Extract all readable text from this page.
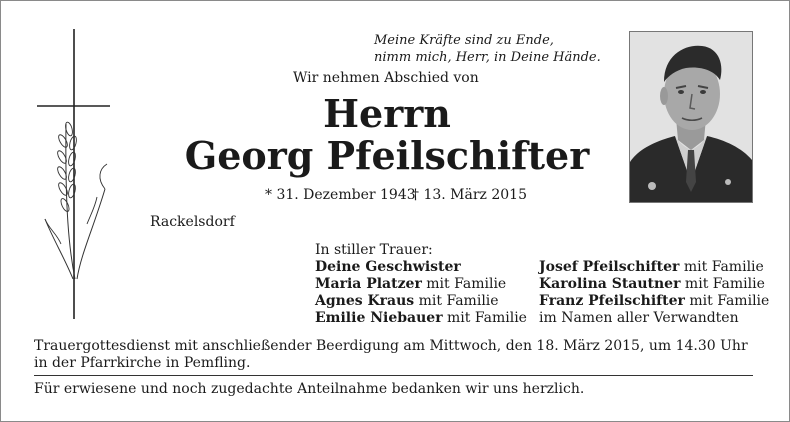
Meine Kräfte sind zu Ende,
nimm mich, Herr, in Deine Hände.
Wir nehmen Abschied von
Herrn
Georg Pfeilschifter
* 31. Dezember 1943
† 13. März 2015
Rackelsdorf
In stiller Trauer:
Deine Geschwister
Maria Platzer mit Familie
Agnes Kraus mit Familie
Emilie Niebauer mit Familie
Josef Pfeilschifter mit Familie
Karolina Stautner mit Familie
Franz Pfeilschifter mit Familie
im Namen aller Verwandten
Trauergottesdienst mit anschließender Beerdigung am Mittwoch, den 18. März 2015, um 14.30 Uhr in der Pfarrkirche in Pemfling.
Für erwiesene und noch zugedachte Anteilnahme bedanken wir uns herzlich.
